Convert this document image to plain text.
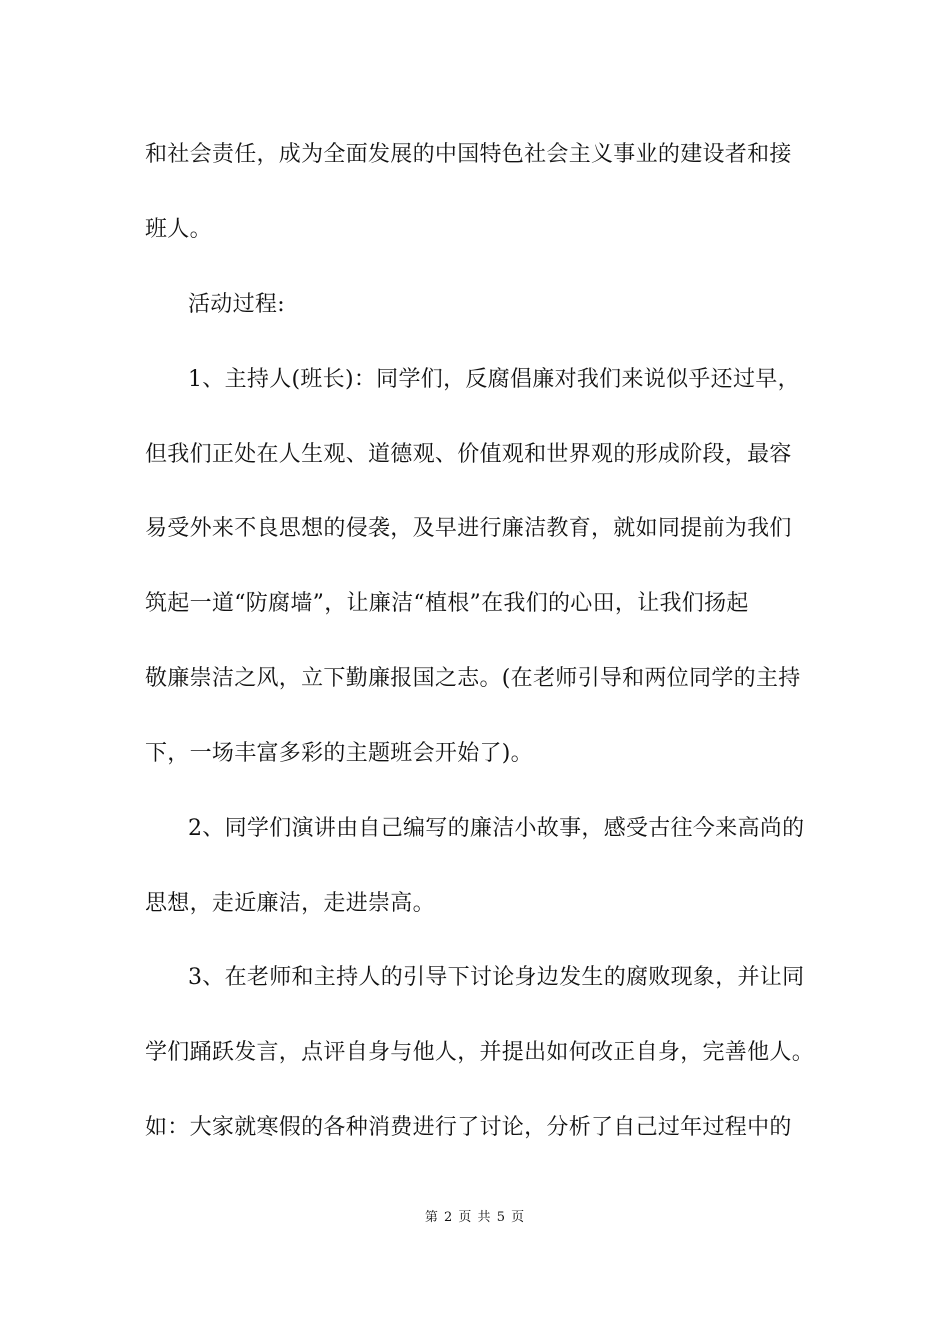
和社会责任，成为全面发展的中国特色社会主义事业的建设者和接
班人。
活动过程:
1、主持人(班长)：同学们，反腐倡廉对我们来说似乎还过早，
但我们正处在人生观、道德观、价值观和世界观的形成阶段，最容
易受外来不良思想的侵袭，及早进行廉洁教育，就如同提前为我们
筑起一道“防腐墙”，让廉洁“植根”在我们的心田，让我们扬起
敬廉崇洁之风，立下勤廉报国之志。(在老师引导和两位同学的主持
下，一场丰富多彩的主题班会开始了)。
2、同学们演讲由自己编写的廉洁小故事，感受古往今来高尚的
思想，走近廉洁，走进崇高。
3、在老师和主持人的引导下讨论身边发生的腐败现象，并让同
学们踊跃发言，点评自身与他人，并提出如何改正自身，完善他人。
如：大家就寒假的各种消费进行了讨论，分析了自己过年过程中的
第 2 页 共 5 页
